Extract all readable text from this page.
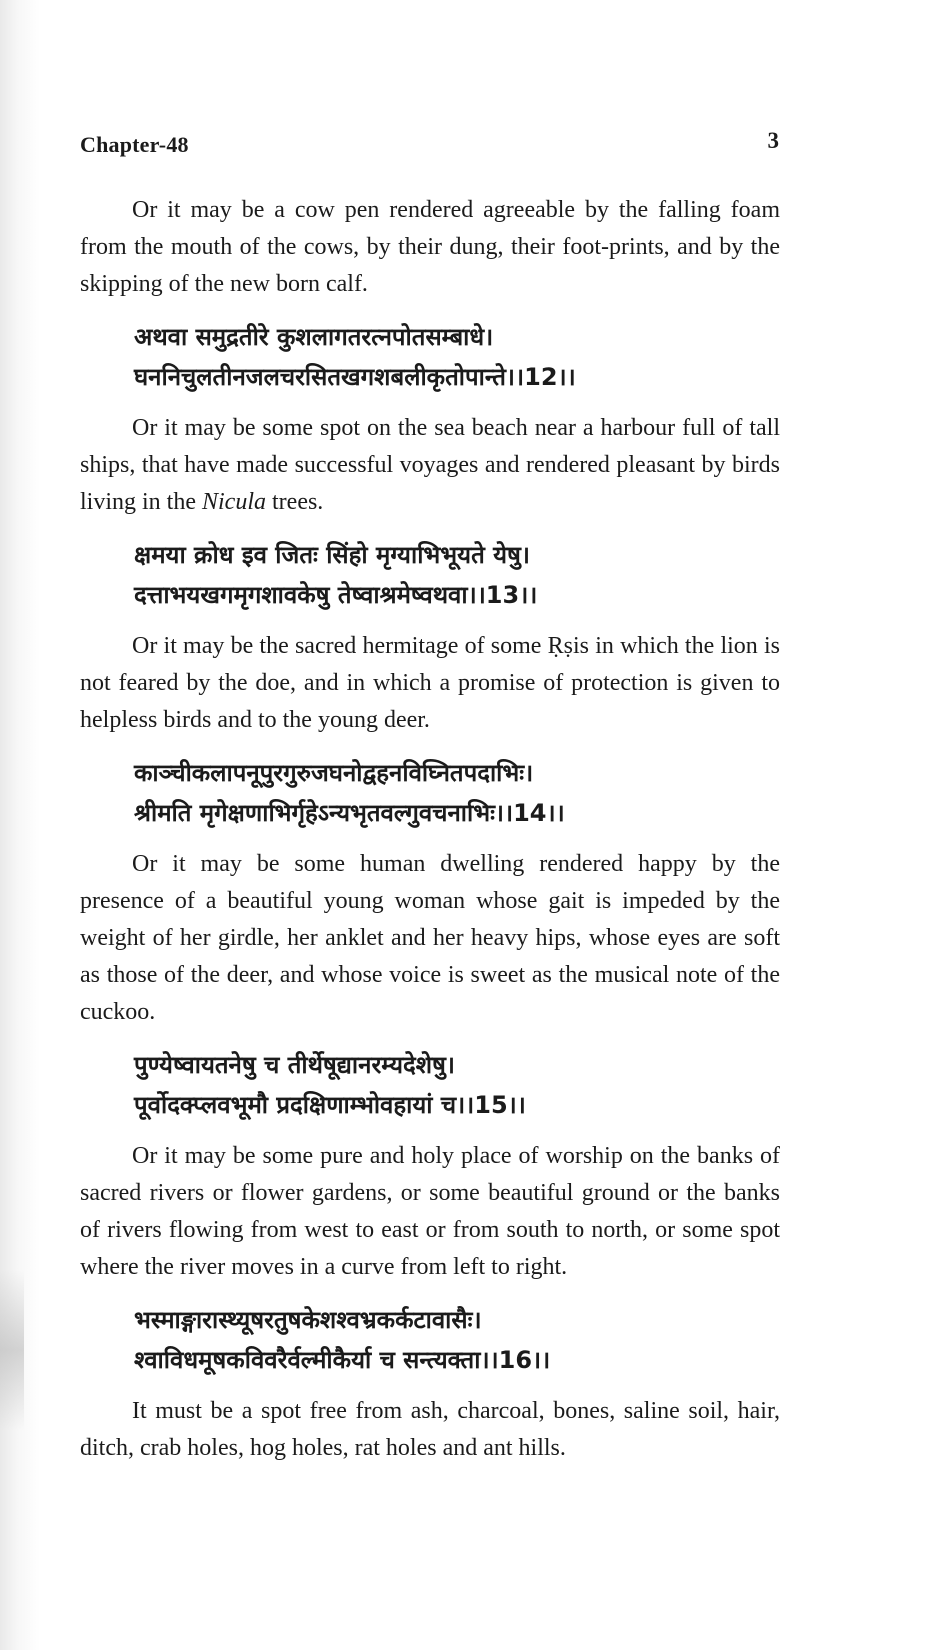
Chapter-48	3

Or it may be a cow pen rendered agreeable by the falling foam from the mouth of the cows, by their dung, their foot-prints, and by the skipping of the new born calf.

अथवा समुद्रतीरे कुशलागतरत्नपोतसम्बाधे।
घननिचुलतीनजलचरसितखगशबलीकृतोपान्ते।।12।।

Or it may be some spot on the sea beach near a harbour full of tall ships, that have made successful voyages and rendered pleasant by birds living in the Nicula trees.

क्षमया क्रोध इव जितः सिंहो मृग्याभिभूयते येषु।
दत्ताभयखगमृगशावकेषु तेष्वाश्रमेष्वथवा।।13।।

Or it may be the sacred hermitage of some Ṛṣis in which the lion is not feared by the doe, and in which a promise of protection is given to helpless birds and to the young deer.

काञ्चीकलापनूपुरगुरुजघनोद्वहनविघ्नितपदाभिः।
श्रीमति मृगेक्षणाभिर्गृहेऽन्यभृतवल्गुवचनाभिः।।14।।

Or it may be some human dwelling rendered happy by the presence of a beautiful young woman whose gait is impeded by the weight of her girdle, her anklet and her heavy hips, whose eyes are soft as those of the deer, and whose voice is sweet as the musical note of the cuckoo.

पुण्येष्वायतनेषु च तीर्थेषूद्यानरम्यदेशेषु।
पूर्वोदक्प्लवभूमौ प्रदक्षिणाम्भोवहायां च।।15।।

Or it may be some pure and holy place of worship on the banks of sacred rivers or flower gardens, or some beautiful ground or the banks of rivers flowing from west to east or from south to north, or some spot where the river moves in a curve from left to right.

भस्माङ्गारास्थ्यूषरतुषकेशश्वभ्रकर्कटावासैः।
श्वाविधमूषकविवरैर्वल्मीकैर्या च सन्त्यक्ता।।16।।

It must be a spot free from ash, charcoal, bones, saline soil, hair, ditch, crab holes, hog holes, rat holes and ant hills.
